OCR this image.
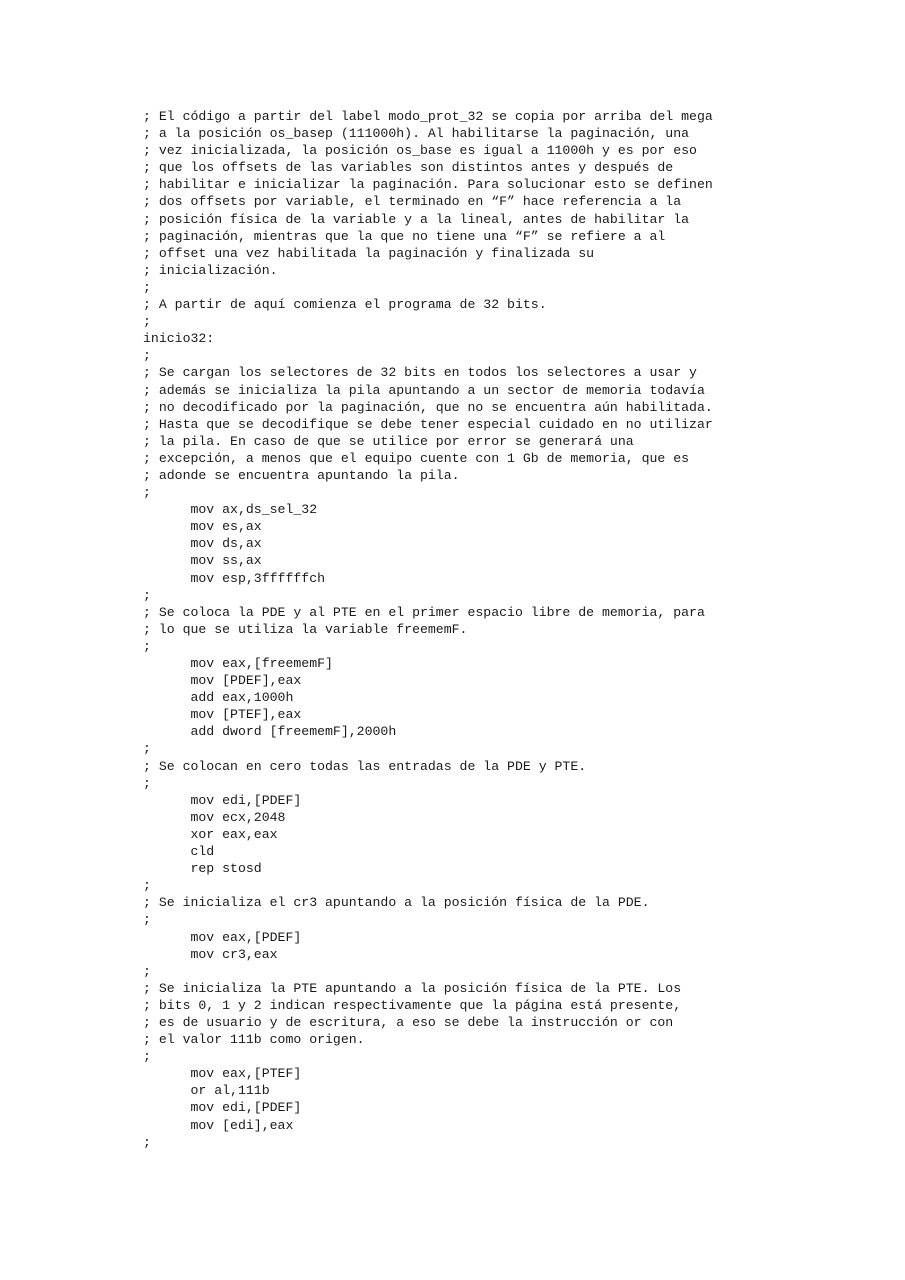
; El código a partir del label modo_prot_32 se copia por arriba del mega
; a la posición os_basep (111000h). Al habilitarse la paginación, una
; vez inicializada, la posición os_base es igual a 11000h y es por eso
; que los offsets de las variables son distintos antes y después de
; habilitar e inicializar la paginación. Para solucionar esto se definen
; dos offsets por variable, el terminado en “F” hace referencia a la
; posición física de la variable y a la lineal, antes de habilitar la
; paginación, mientras que la que no tiene una “F” se refiere a al
; offset una vez habilitada la paginación y finalizada su
; inicialización.
;
; A partir de aquí comienza el programa de 32 bits.
;
inicio32:
;
; Se cargan los selectores de 32 bits en todos los selectores a usar y
; además se inicializa la pila apuntando a un sector de memoria todavía
; no decodificado por la paginación, que no se encuentra aún habilitada.
; Hasta que se decodifique se debe tener especial cuidado en no utilizar
; la pila. En caso de que se utilice por error se generará una
; excepción, a menos que el equipo cuente con 1 Gb de memoria, que es
; adonde se encuentra apuntando la pila.
;
mov ax,ds_sel_32
mov es,ax
mov ds,ax
mov ss,ax
mov esp,3ffffffch
;
; Se coloca la PDE y al PTE en el primer espacio libre de memoria, para
; lo que se utiliza la variable freememF.
;
mov eax,[freememF]
mov [PDEF],eax
add eax,1000h
mov [PTEF],eax
add dword [freememF],2000h
;
; Se colocan en cero todas las entradas de la PDE y PTE.
;
mov edi,[PDEF]
mov ecx,2048
xor eax,eax
cld
rep stosd
;
; Se inicializa el cr3 apuntando a la posición física de la PDE.
;
mov eax,[PDEF]
mov cr3,eax
;
; Se inicializa la PTE apuntando a la posición física de la PTE. Los
; bits 0, 1 y 2 indican respectivamente que la página está presente,
; es de usuario y de escritura, a eso se debe la instrucción or con
; el valor 111b como origen.
;
mov eax,[PTEF]
or al,111b
mov edi,[PDEF]
mov [edi],eax
;
